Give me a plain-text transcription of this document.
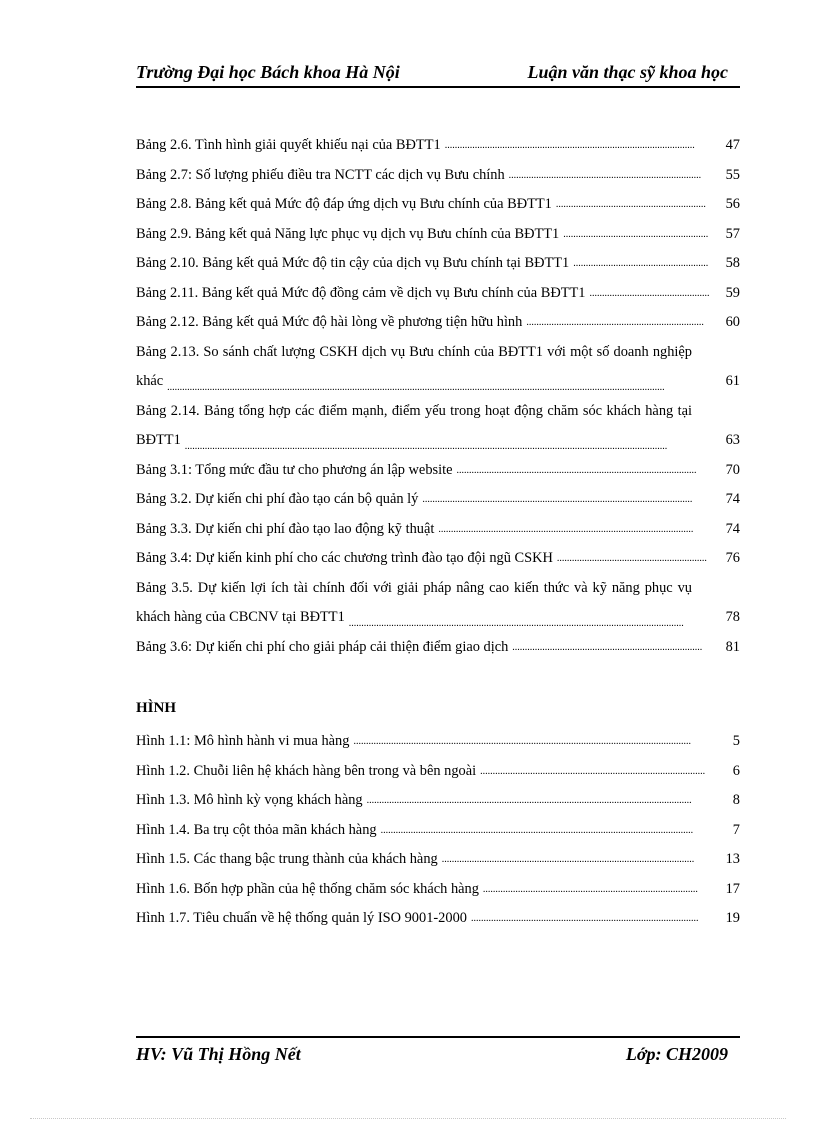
Trường Đại học Bách khoa Hà Nội	Luận văn thạc sỹ khoa học
Bảng 2.6. Tình hình giải quyết khiếu nại của BĐTT1	47
....................................................................................................
Bảng 2.7: Số lượng phiếu điều tra NCTT các dịch vụ Bưu chính	55
.............................................................................
Bảng 2.8. Bảng kết quả Mức độ đáp ứng dịch vụ Bưu chính của BĐTT1	56
............................................................
Bảng 2.9. Bảng kết quả Năng lực phục vụ dịch vụ Bưu chính của BĐTT1	57
..........................................................
Bảng 2.10. Bảng kết quả Mức độ tin cậy của dịch vụ Bưu chính tại BĐTT1	58
......................................................
Bảng 2.11. Bảng kết quả Mức độ đồng cảm về dịch vụ Bưu chính của BĐTT1	59
................................................
Bảng 2.12. Bảng kết quả Mức độ hài lòng về phương tiện hữu hình	60
.......................................................................
Bảng 2.13. So sánh chất lượng CSKH dịch vụ Bưu chính của BĐTT1 với một số doanh nghiệp khác	61
.......................................................................................................................................................................................................
Bảng 2.14. Bảng tổng hợp các điểm mạnh, điểm yếu trong hoạt động chăm sóc khách hàng tại BĐTT1	63
.................................................................................................................................................................................................
Bảng 3.1: Tổng mức đầu tư cho phương án lập website	70
................................................................................................
Bảng 3.2. Dự kiến chi phí đào tạo cán bộ quản lý	74
............................................................................................................
Bảng 3.3. Dự kiến chi phí đào tạo lao động kỹ thuật	74
......................................................................................................
Bảng 3.4: Dự kiến kinh phí cho các chương trình đào tạo đội ngũ CSKH	76
............................................................
Bảng 3.5. Dự kiến lợi ích tài chính đối với giải pháp nâng cao kiến thức và kỹ năng phục vụ khách hàng của CBCNV tại BĐTT1	78
......................................................................................................................................
Bảng 3.6: Dự kiến chi phí cho giải pháp cải thiện điểm giao dịch	81
............................................................................
HÌNH
Hình 1.1: Mô hình hành vi mua hàng	5
.......................................................................................................................................
Hình 1.2. Chuỗi liên hệ khách hàng bên trong và bên ngoài	6
..........................................................................................
Hình 1.3. Mô hình kỳ vọng khách hàng	8
..................................................................................................................................
Hình 1.4. Ba trụ cột thỏa mãn khách hàng	7
.............................................................................................................................
Hình 1.5. Các thang bậc trung thành của khách hàng	13
.....................................................................................................
Hình 1.6. Bốn hợp phần của hệ thống chăm sóc khách hàng	17
......................................................................................
Hình 1.7. Tiêu chuẩn về hệ thống quản lý ISO 9001-2000	19
...........................................................................................
HV: Vũ Thị Hồng Nết	Lớp: CH2009
